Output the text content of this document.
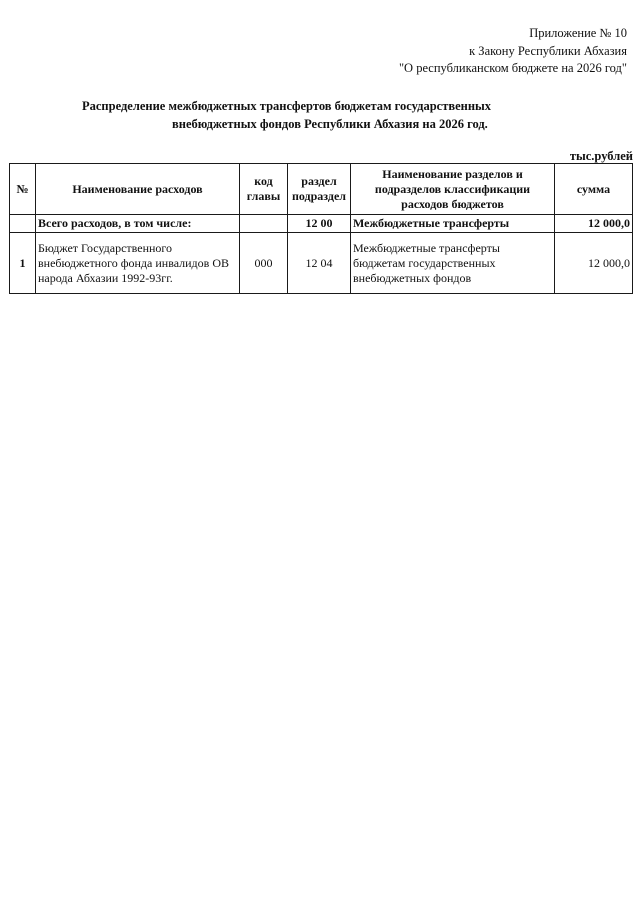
Приложение № 10
к Закону Республики Абхазия
"О республиканском бюджете на 2026 год"
Распределение межбюджетных трансфертов бюджетам государственных
внебюджетных фондов Республики Абхазия на 2026 год.
тыс.рублей
№	Наименование расходов	код главы	раздел подраздел	Наименование разделов и подразделов классификации расходов бюджетов	сумма
	Всего расходов, в том числе:		12 00	Межбюджетные трансферты	12 000,0
1	Бюджет Государственного внебюджетного фонда инвалидов ОВ народа Абхазии 1992-93гг.	000	12 04	Межбюджетные трансферты бюджетам государственных внебюджетных фондов	12 000,0
